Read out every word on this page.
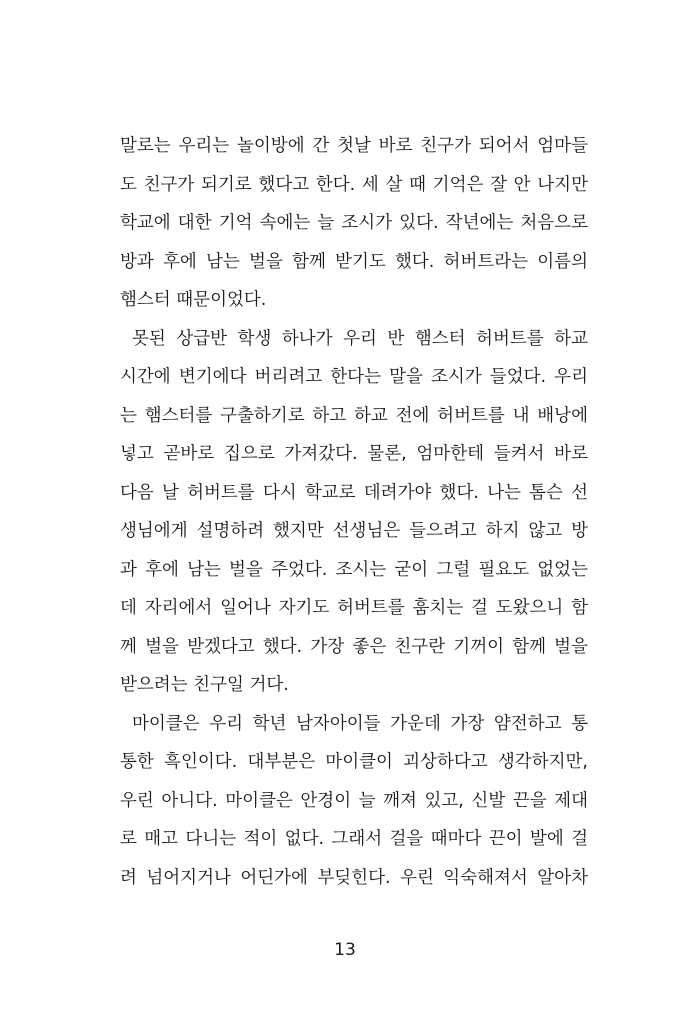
말로는 우리는 놀이방에 간 첫날 바로 친구가 되어서 엄마들
도 친구가 되기로 했다고 한다. 세 살 때 기억은 잘 안 나지만
학교에 대한 기억 속에는 늘 조시가 있다. 작년에는 처음으로
방과 후에 남는 벌을 함께 받기도 했다. 허버트라는 이름의
햄스터 때문이었다.
못된 상급반 학생 하나가 우리 반 햄스터 허버트를 하교
시간에 변기에다 버리려고 한다는 말을 조시가 들었다. 우리
는 햄스터를 구출하기로 하고 하교 전에 허버트를 내 배낭에
넣고 곧바로 집으로 가져갔다. 물론, 엄마한테 들켜서 바로
다음 날 허버트를 다시 학교로 데려가야 했다. 나는 톰슨 선
생님에게 설명하려 했지만 선생님은 들으려고 하지 않고 방
과 후에 남는 벌을 주었다. 조시는 굳이 그럴 필요도 없었는
데 자리에서 일어나 자기도 허버트를 훔치는 걸 도왔으니 함
께 벌을 받겠다고 했다. 가장 좋은 친구란 기꺼이 함께 벌을
받으려는 친구일 거다.
마이클은 우리 학년 남자아이들 가운데 가장 얌전하고 통
통한 흑인이다. 대부분은 마이클이 괴상하다고 생각하지만,
우린 아니다. 마이클은 안경이 늘 깨져 있고, 신발 끈을 제대
로 매고 다니는 적이 없다. 그래서 걸을 때마다 끈이 발에 걸
려 넘어지거나 어딘가에 부딪힌다. 우린 익숙해져서 알아차
13
